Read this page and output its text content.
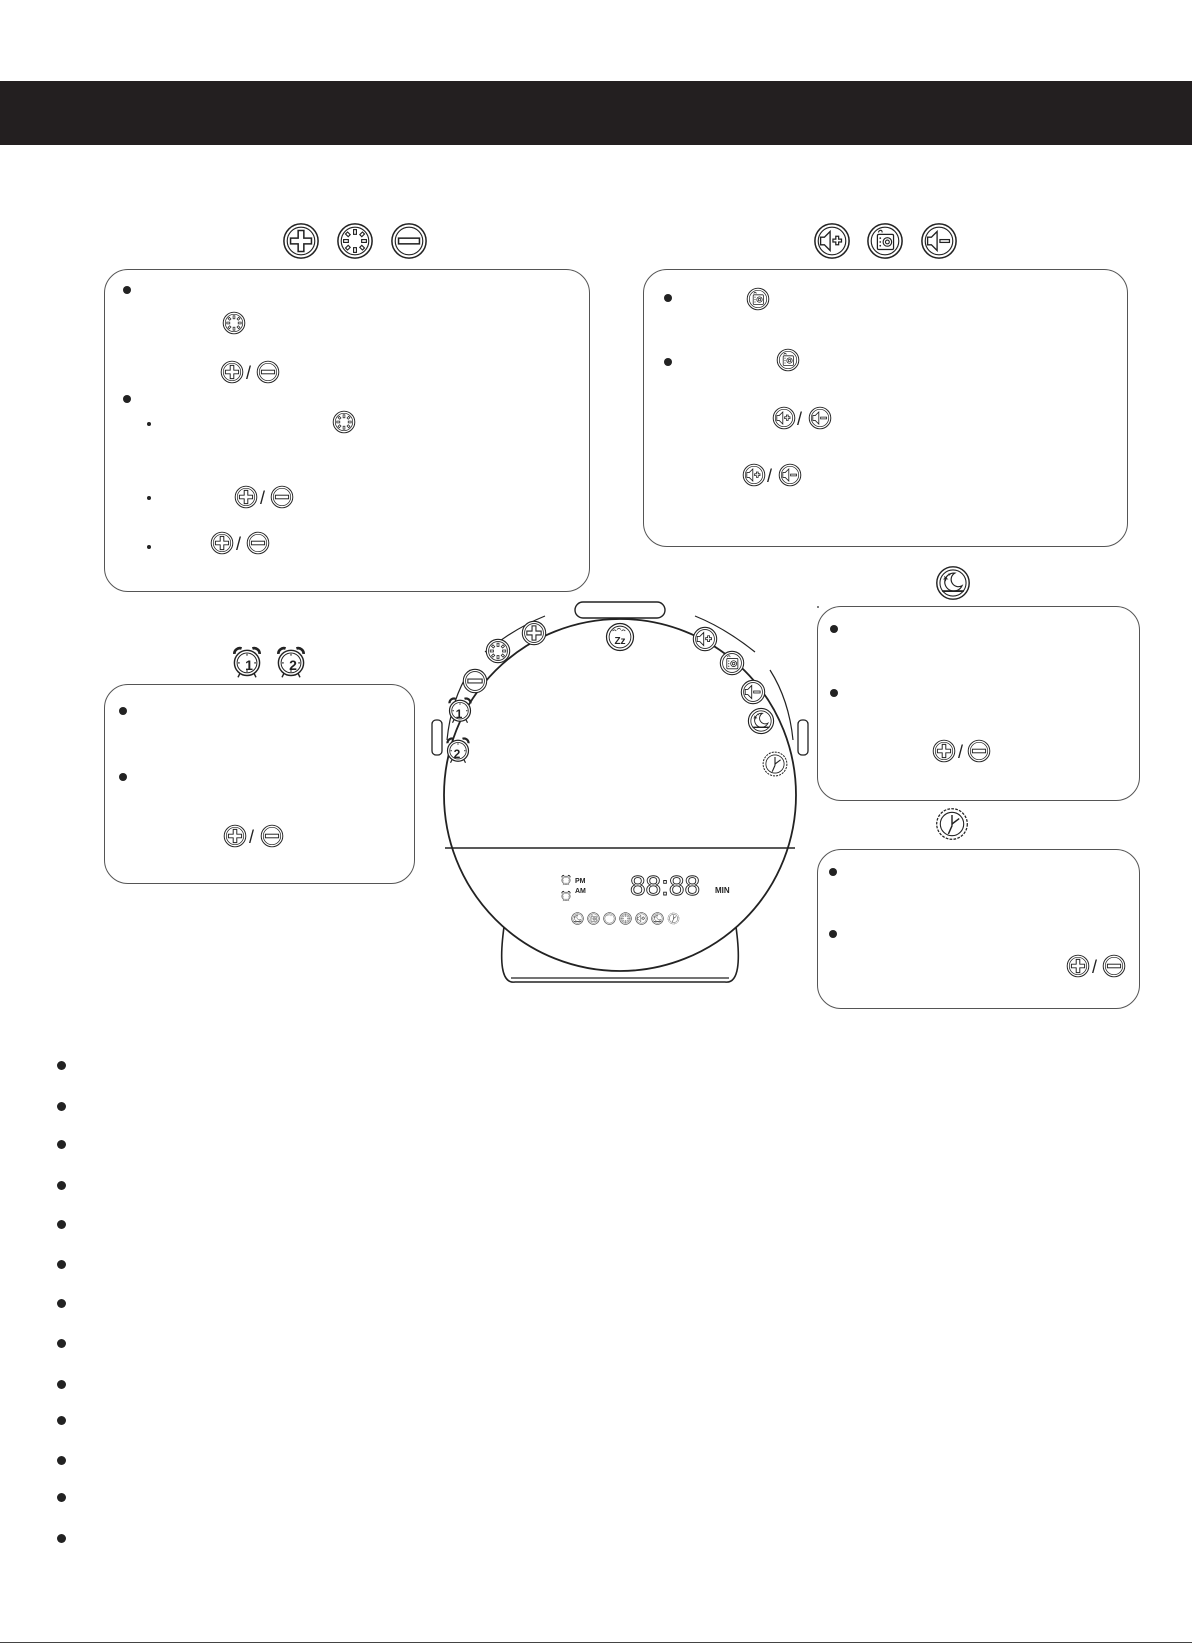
/
/
/
/
/
/
/
1	2
/
1
2
Zz
PM
AM 88:88 MIN
